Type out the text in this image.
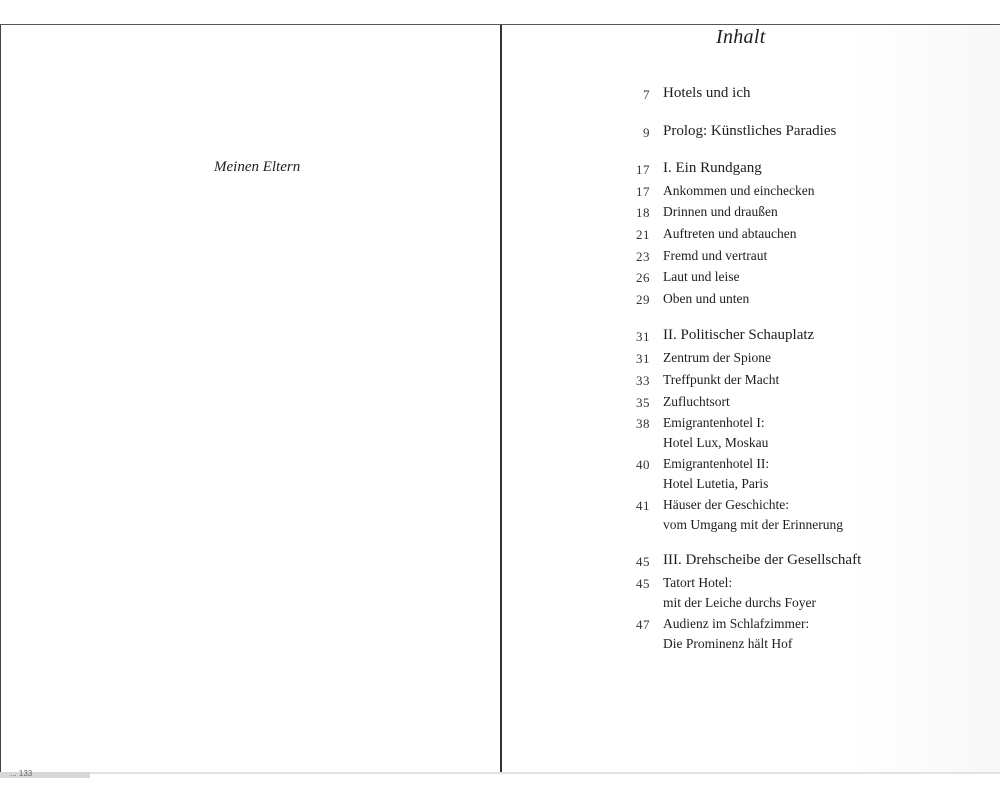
Meinen Eltern

Inhalt
7 Hotels und ich
9 Prolog: Künstliches Paradies
17 I. Ein Rundgang
17 Ankommen und einchecken
18 Drinnen und draußen
21 Auftreten und abtauchen
23 Fremd und vertraut
26 Laut und leise
29 Oben und unten
31 II. Politischer Schauplatz
31 Zentrum der Spione
33 Treffpunkt der Macht
35 Zufluchtsort
38 Emigrantenhotel I:
Hotel Lux, Moskau
40 Emigrantenhotel II:
Hotel Lutetia, Paris
41 Häuser der Geschichte:
vom Umgang mit der Erinnerung
45 III. Drehscheibe der Gesellschaft
45 Tatort Hotel:
mit der Leiche durchs Foyer
47 Audienz im Schlafzimmer:
Die Prominenz hält Hof
... 133
